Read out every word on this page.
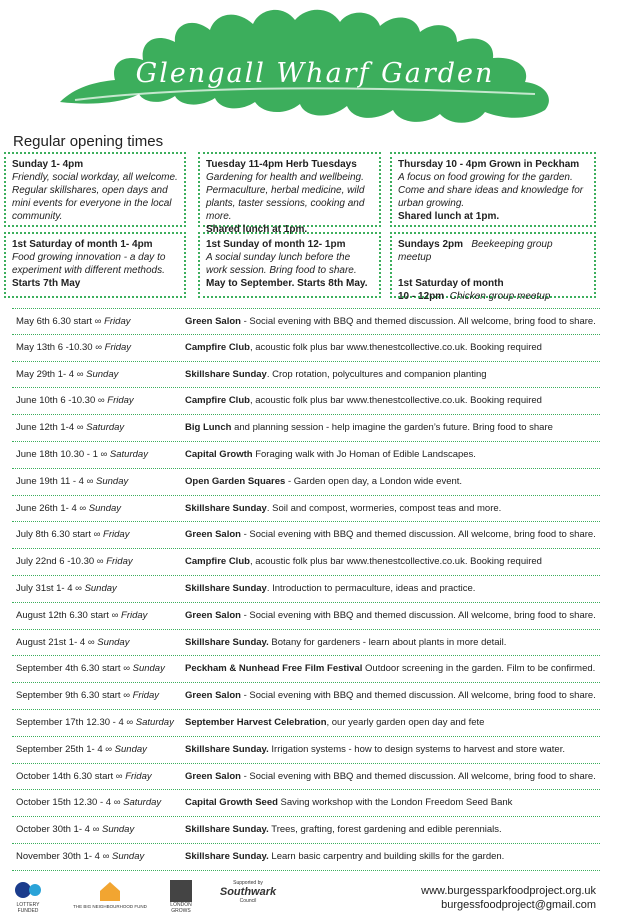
Glengall Wharf Garden
Regular opening times
Sunday 1- 4pm
Friendly, social workday, all welcome. Regular skillshares, open days and mini events for everyone in the local community.
Tuesday 11-4pm Herb Tuesdays
Gardening for health and wellbeing. Permaculture, herbal medicine, wild plants, taster sessions, cooking and more.
Shared lunch at 1pm.
Thursday 10 - 4pm Grown in Peckham
A focus on food growing for the garden. Come and share ideas and knowledge for urban growing.
Shared lunch at 1pm.
1st Saturday of month 1- 4pm
Food growing innovation - a day to experiment with different methods.
Starts 7th May
1st Sunday of month 12- 1pm
A social sunday lunch before the work session. Bring food to share.
May to September. Starts 8th May.
Sundays 2pm Beekeeping group meetup
1st Saturday of month
10 - 12pm Chicken group meetup
May 6th 6.30 start ∞ Friday	Green Salon - Social evening with BBQ and themed discussion. All welcome, bring food to share.
May 13th 6 -10.30 ∞ Friday	Campfire Club, acoustic folk plus bar www.thenestcollective.co.uk. Booking required
May 29th 1- 4 ∞ Sunday	Skillshare Sunday. Crop rotation, polycultures and companion planting
June 10th 6 -10.30 ∞ Friday	Campfire Club, acoustic folk plus bar www.thenestcollective.co.uk. Booking required
June 12th 1-4 ∞ Saturday	Big Lunch and planning session - help imagine the garden’s future. Bring food to share
June 18th 10.30 - 1 ∞ Saturday	Capital Growth Foraging walk with Jo Homan of Edible Landscapes.
June 19th 11 - 4 ∞ Sunday	Open Garden Squares - Garden open day, a London wide event.
June 26th 1- 4 ∞ Sunday	Skillshare Sunday. Soil and compost, wormeries, compost teas and more.
July 8th 6.30 start ∞ Friday	Green Salon - Social evening with BBQ and themed discussion. All welcome, bring food to share.
July 22nd 6 -10.30 ∞ Friday	Campfire Club, acoustic folk plus bar www.thenestcollective.co.uk. Booking required
July 31st 1- 4 ∞ Sunday	Skillshare Sunday. Introduction to permaculture, ideas and practice.
August 12th 6.30 start ∞ Friday	Green Salon - Social evening with BBQ and themed discussion. All welcome, bring food to share.
August 21st 1- 4 ∞ Sunday	Skillshare Sunday. Botany for gardeners - learn about plants in more detail.
September 4th 6.30 start ∞ Sunday Peckham & Nunhead Free Film Festival Outdoor screening in the garden. Film to be confirmed.
September 9th 6.30 start ∞ Friday	Green Salon - Social evening with BBQ and themed discussion. All welcome, bring food to share.
September 17th 12.30 - 4 ∞ Saturday September Harvest Celebration, our yearly garden open day and fete
September 25th 1- 4 ∞ Sunday	Skillshare Sunday. Irrigation systems - how to design systems to harvest and store water.
October 14th 6.30 start ∞ Friday	Green Salon - Social evening with BBQ and themed discussion. All welcome, bring food to share.
October 15th 12.30 - 4 ∞ Saturday	Capital Growth Seed Saving workshop with the London Freedom Seed Bank
October 30th 1- 4 ∞ Sunday	Skillshare Sunday. Trees, grafting, forest gardening and edible perennials.
November 30th 1- 4 ∞ Sunday	Skillshare Sunday. Learn basic carpentry and building skills for the garden.
LOTTERY FUNDED
THE BIG NEIGHBOURHOOD FUND	LONDON GROWS
Supported by
Southwark
Council
www.burgessparkfoodproject.org.uk
burgessfoodproject@gmail.com
